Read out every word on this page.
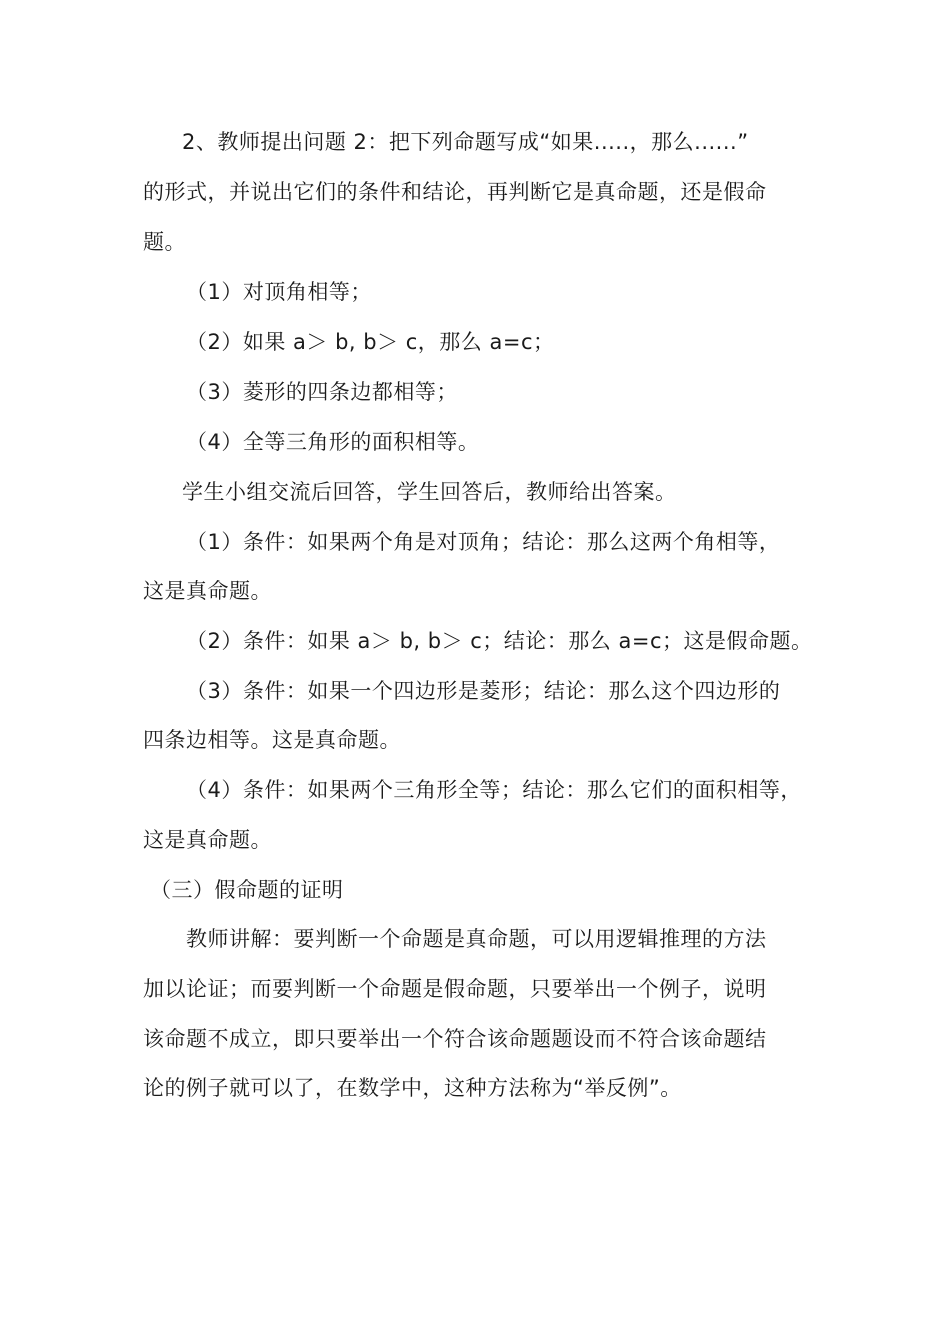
2、教师提出问题 2：把下列命题写成“如果.....，那么......”
的形式，并说出它们的条件和结论，再判断它是真命题，还是假命
题。
（1）对顶角相等；
（2）如果 a＞ b, b＞ c，那么 a=c；
（3）菱形的四条边都相等；
（4）全等三角形的面积相等。
学生小组交流后回答，学生回答后，教师给出答案。
（1）条件：如果两个角是对顶角；结论：那么这两个角相等，
这是真命题。
（2）条件：如果 a＞ b, b＞ c；结论：那么 a=c；这是假命题。
（3）条件：如果一个四边形是菱形；结论：那么这个四边形的
四条边相等。这是真命题。
（4）条件：如果两个三角形全等；结论：那么它们的面积相等，
这是真命题。
（三）假命题的证明
教师讲解：要判断一个命题是真命题，可以用逻辑推理的方法
加以论证；而要判断一个命题是假命题，只要举出一个例子，说明
该命题不成立，即只要举出一个符合该命题题设而不符合该命题结
论的例子就可以了，在数学中，这种方法称为“举反例”。
